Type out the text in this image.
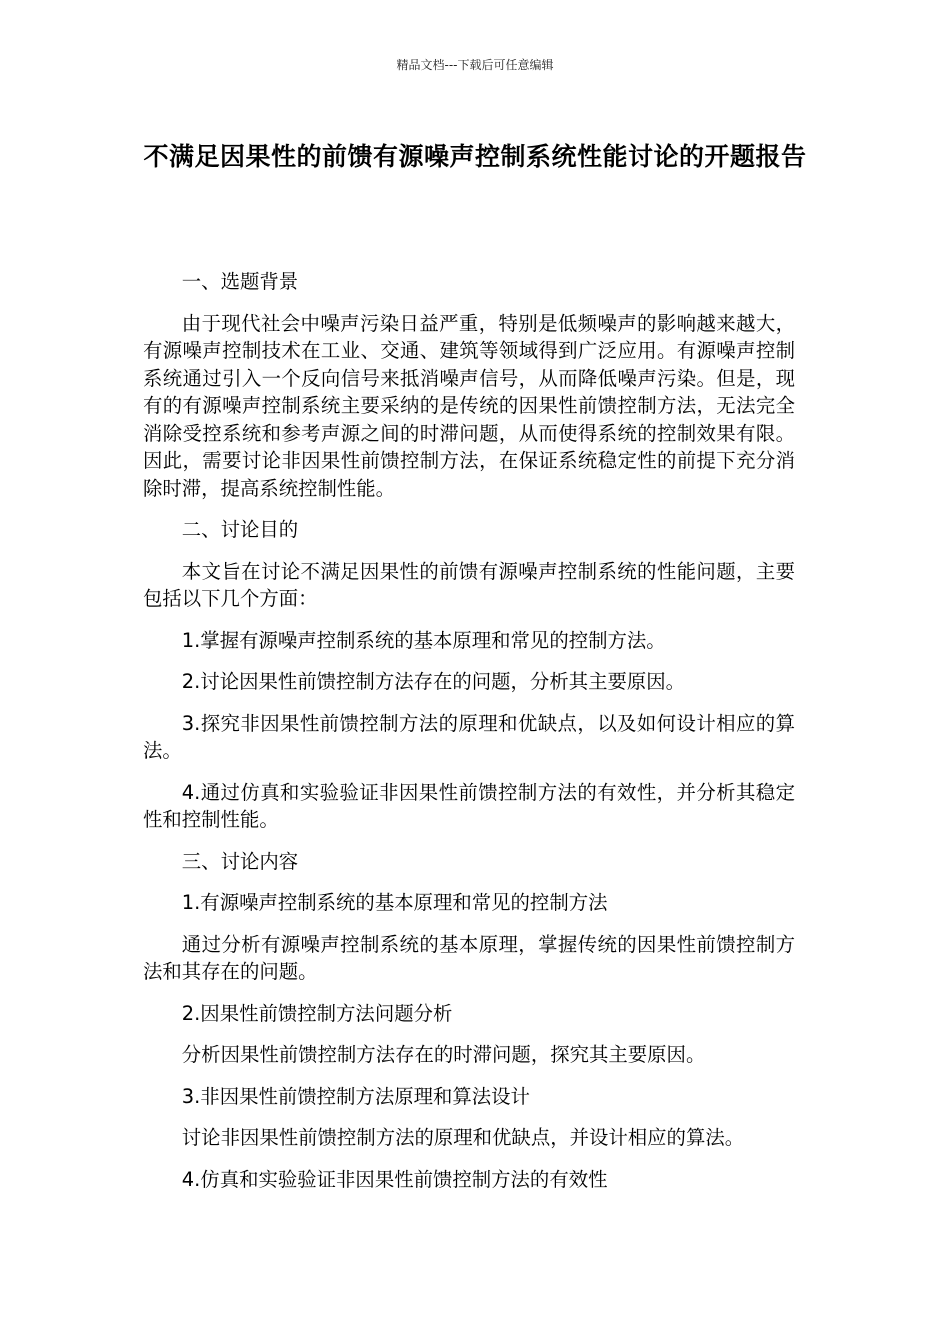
精品文档---下载后可任意编辑
不满足因果性的前馈有源噪声控制系统性能讨论的开题报告

一、选题背景

由于现代社会中噪声污染日益严重，特别是低频噪声的影响越来越大，有源噪声控制技术在工业、交通、建筑等领域得到广泛应用。有源噪声控制系统通过引入一个反向信号来抵消噪声信号，从而降低噪声污染。但是，现有的有源噪声控制系统主要采纳的是传统的因果性前馈控制方法，无法完全消除受控系统和参考声源之间的时滞问题，从而使得系统的控制效果有限。因此，需要讨论非因果性前馈控制方法，在保证系统稳定性的前提下充分消除时滞，提高系统控制性能。

二、讨论目的

本文旨在讨论不满足因果性的前馈有源噪声控制系统的性能问题，主要包括以下几个方面：

1.掌握有源噪声控制系统的基本原理和常见的控制方法。

2.讨论因果性前馈控制方法存在的问题，分析其主要原因。

3.探究非因果性前馈控制方法的原理和优缺点，以及如何设计相应的算法。

4.通过仿真和实验验证非因果性前馈控制方法的有效性，并分析其稳定性和控制性能。

三、讨论内容

1.有源噪声控制系统的基本原理和常见的控制方法

通过分析有源噪声控制系统的基本原理，掌握传统的因果性前馈控制方法和其存在的问题。

2.因果性前馈控制方法问题分析

分析因果性前馈控制方法存在的时滞问题，探究其主要原因。

3.非因果性前馈控制方法原理和算法设计

讨论非因果性前馈控制方法的原理和优缺点，并设计相应的算法。

4.仿真和实验验证非因果性前馈控制方法的有效性
